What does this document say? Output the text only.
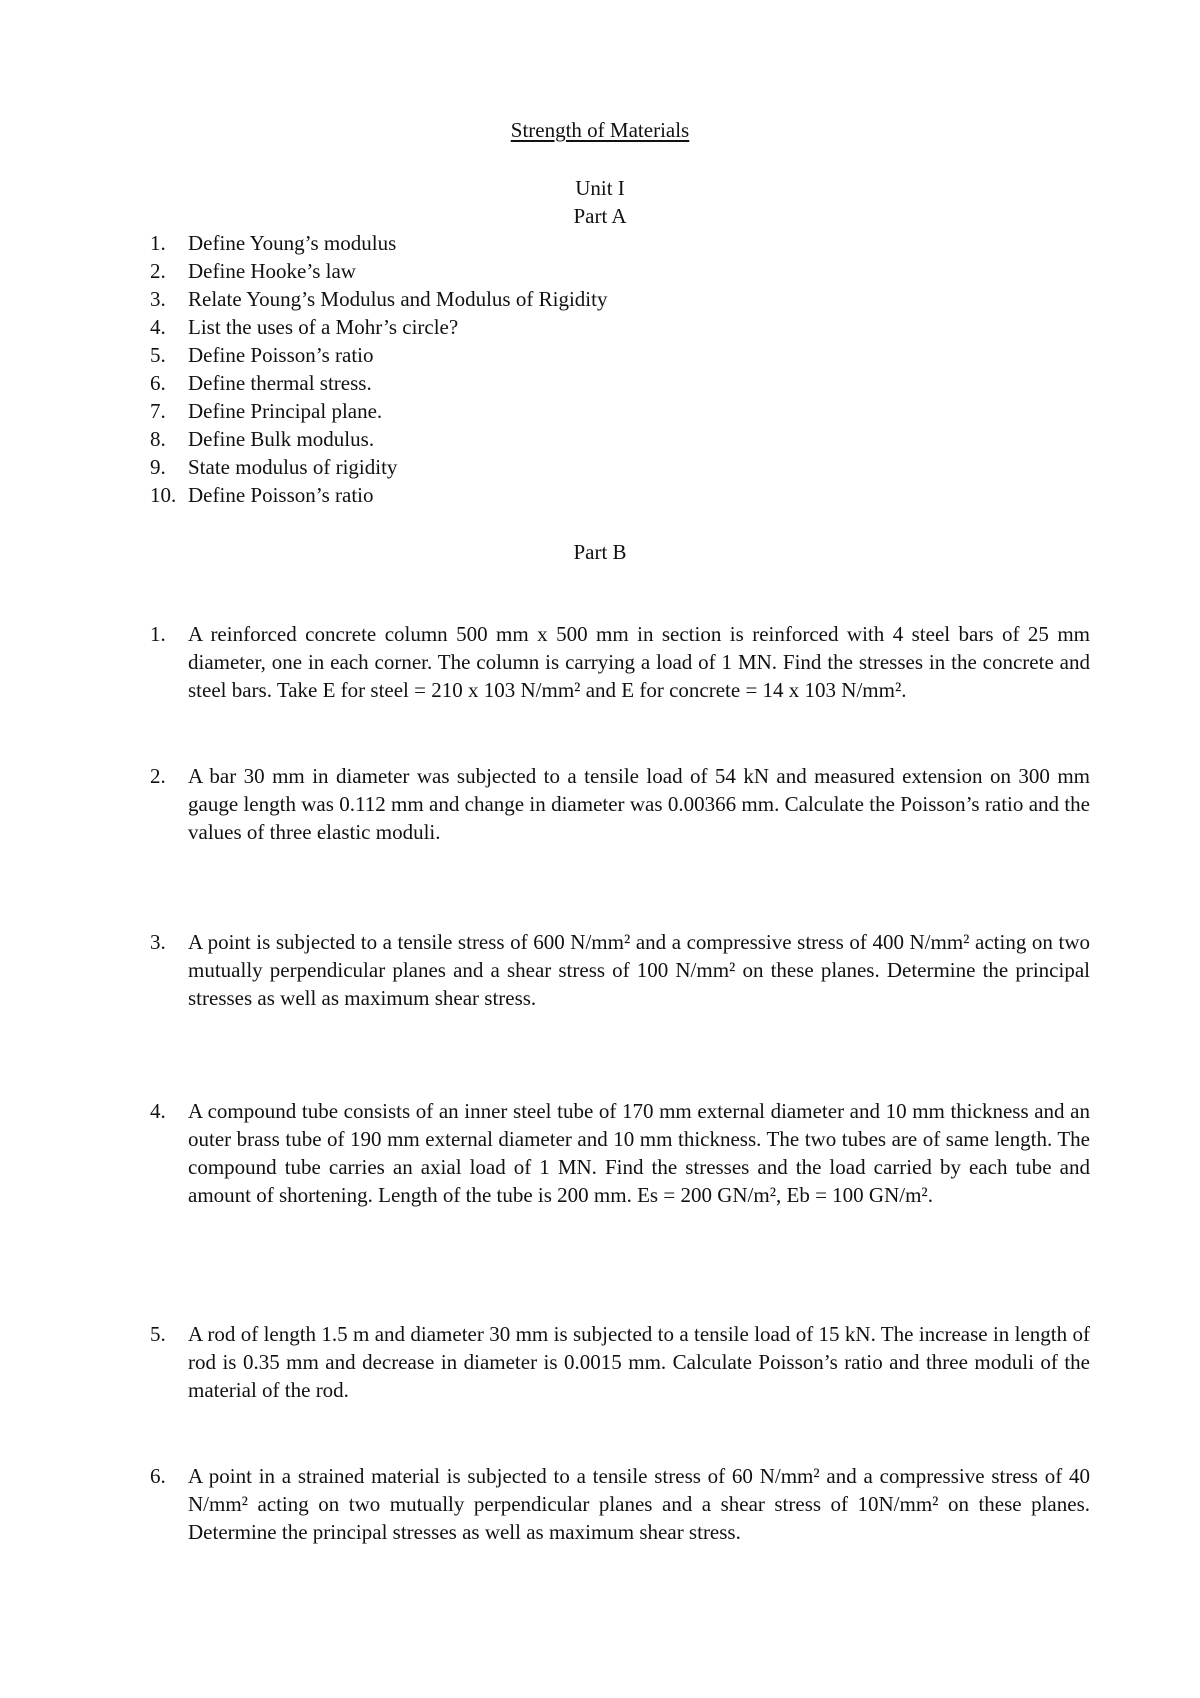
Strength of Materials
Unit I
Part A
1.	Define Young’s modulus
2.	Define Hooke’s law
3.	Relate Young’s Modulus and Modulus of Rigidity
4.	List the uses of a Mohr’s circle?
5.	Define Poisson’s ratio
6.	Define thermal stress.
7.	Define Principal plane.
8.	Define Bulk modulus.
9.	State modulus of rigidity
10. Define Poisson’s ratio
Part B
1.	A reinforced concrete column 500 mm x 500 mm in section is reinforced with 4 steel bars of 25 mm diameter, one in each corner. The column is carrying a load of 1 MN. Find the stresses in the concrete and steel bars. Take E for steel = 210 x 103 N/mm² and E for concrete = 14 x 103 N/mm².
2.	A bar 30 mm in diameter was subjected to a tensile load of 54 kN and measured extension on 300 mm gauge length was 0.112 mm and change in diameter was 0.00366 mm. Calculate the Poisson’s ratio and the values of three elastic moduli.
3.	A point is subjected to a tensile stress of 600 N/mm² and a compressive stress of 400 N/mm² acting on two mutually perpendicular planes and a shear stress of 100 N/mm² on these planes. Determine the principal stresses as well as maximum shear stress.
4.	A compound tube consists of an inner steel tube of 170 mm external diameter and 10 mm thickness and an outer brass tube of 190 mm external diameter and 10 mm thickness. The two tubes are of same length. The compound tube carries an axial load of 1 MN. Find the stresses and the load carried by each tube and amount of shortening. Length of the tube is 200 mm. Es = 200 GN/m², Eb = 100 GN/m².
5.	A rod of length 1.5 m and diameter 30 mm is subjected to a tensile load of 15 kN. The increase in length of rod is 0.35 mm and decrease in diameter is 0.0015 mm. Calculate Poisson’s ratio and three moduli of the material of the rod.
6.	A point in a strained material is subjected to a tensile stress of 60 N/mm² and a compressive stress of 40 N/mm² acting on two mutually perpendicular planes and a shear stress of 10N/mm² on these planes. Determine the principal stresses as well as maximum shear stress.
